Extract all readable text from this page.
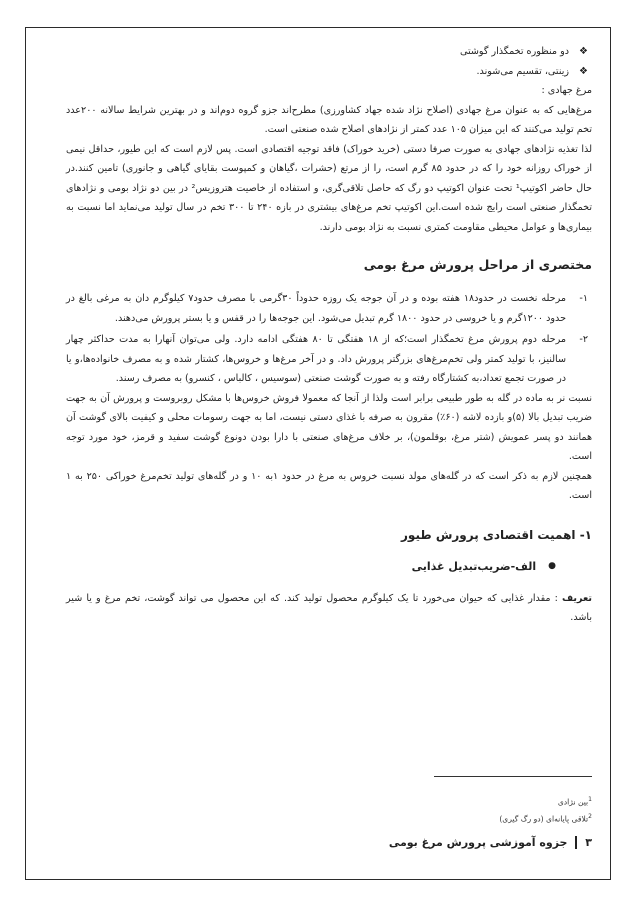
❖
دو منظوره تخمگذار گوشتی
❖
زینتی، تقسیم می‌شوند.

مرغ جهادی :

مرغ‌هایی که به عنوان مرغ جهادی (اصلاح نژاد شده جهاد کشاورزی) مطرح‌اند جزو گروه دوم‌اند و در بهترین شرایط سالانه ۲۰۰عدد تخم تولید می‌کنند که این میزان ۱۰۵ عدد کمتر از نژادهای اصلاح شده صنعتی است.

لذا تغذیه نژادهای جهادی به صورت صرفا دستی (خرید خوراک) فاقد توجیه اقتصادی است. پس لازم است که این طیور، حداقل نیمی از خوراک روزانه خود را که در حدود ۸۵ گرم است، را از مرتع (حشرات ،گیاهان و کمپوست بقایای گیاهی و جانوری) تامین کنند.در حال حاضر اکوتیپ¹ تحت عنوان اکوتیپ دو رگ که حاصل تلاقی‌گری، و استفاده از خاصیت هتروزیس² در بین دو نژاد بومی و نژادهای تخمگذار صنعتی است رایج شده است.این اکوتیپ تخم مرغ‌های بیشتری در بازه ۲۴۰ تا ۳۰۰ تخم در سال تولید می‌نماید اما نسبت به بیماری‌ها و عوامل محیطی مقاومت کمتری نسبت به نژاد بومی دارند.

مختصری از مراحل پرورش مرغ بومی
۱-
مرحله نخست در حدود۱۸ هفته بوده و در آن جوجه یک روزه حدوداً ۳۰گرمی با مصرف حدود۷ کیلوگرم دان به مرغی بالغ در حدود ۱۲۰۰گرم و یا خروسی در حدود ۱۸۰۰ گرم تبدیل می‌شود. این جوجه‌ها را در قفس و یا بستر پرورش می‌دهند.
۲-
مرحله دوم پرورش مرغ تخمگذار است؛که از ۱۸ هفتگی تا ۸۰ هفتگی ادامه دارد. ولی می‌توان آنهارا به مدت حداکثر چهار سالنیز، با تولید کمتر ولی تخم‌مرغ‌های بزرگتر پرورش داد. و در آخر مرغ‌ها و خروس‌ها، کشتار شده و به مصرف خانواده‌ها،و یا در صورت تجمع تعداد،به کشتارگاه رفته و به صورت گوشت صنعتی (سوسیس ، کالباس ، کنسرو) به مصرف رسند.

نسبت نر به ماده در گله به طور طبیعی برابر است ولذا از آنجا که معمولا فروش خروس‌ها با مشکل روبروست و پرورش آن به جهت ضریب تبدیل بالا (۵)و بازده لاشه (۶۰٪) مقرون به صرفه با غذای دستی نیست، اما به جهت رسومات محلی و کیفیت بالای گوشت آن همانند دو پسر عمویش (شتر مرغ، بوقلمون)، بر خلاف مرغ‌های صنعتی با دارا بودن دونوع گوشت سفید و قرمز، خود مورد توجه است.

همچنین لازم به ذکر است که در گله‌های مولد نسبت خروس به مرغ در حدود ۱به ۱۰ و در گله‌های تولید تخم‌مرغ خوراکی ۲۵۰ به ۱ است.

۱- اهمیت اقتصادی پرورش طیور
●
الف-ضریب‌تبدیل غذایی

تعریف : مقدار غذایی که حیوان می‌خورد تا یک کیلوگرم محصول تولید کند. که این محصول می تواند گوشت، تخم مرغ و یا شیر باشد.

$^1$بین نژادی
$^2$تلاقی پایانه‌ای (دو رگ گیری)
۳
جزوه آموزشی پرورش مرغ بومی
